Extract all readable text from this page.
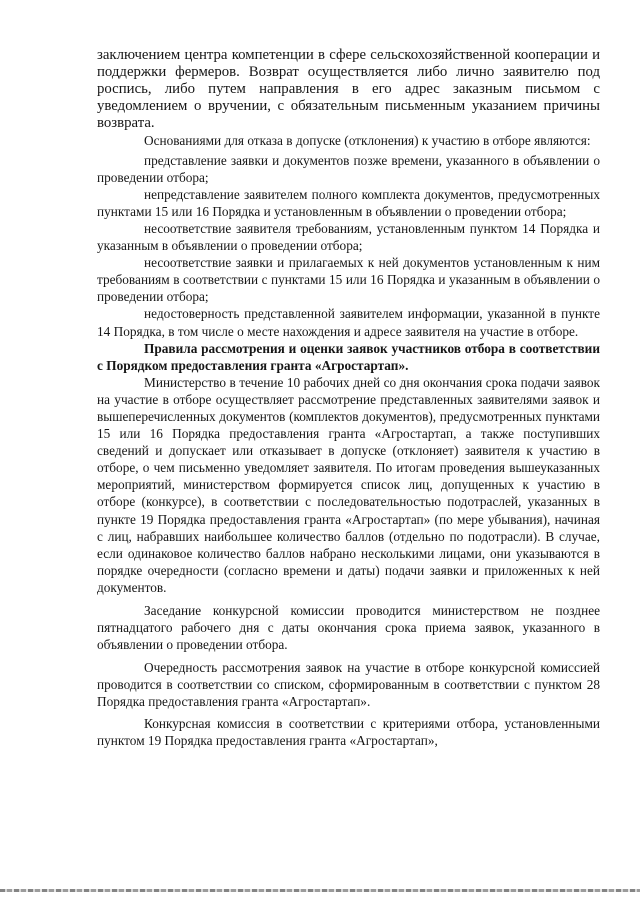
заключением центра компетенции в сфере сельскохозяйственной кооперации и поддержки фермеров. Возврат осуществляется либо лично заявителю под роспись, либо путем направления в его адрес заказным письмом с уведомлением о вручении, с обязательным письменным указанием причины возврата.

Основаниями для отказа в допуске (отклонения) к участию в отборе являются:

представление заявки и документов позже времени, указанного в объявлении о проведении отбора;

непредставление заявителем полного комплекта документов, предусмотренных пунктами 15 или 16 Порядка и установленным в объявлении о проведении отбора;

несоответствие заявителя требованиям, установленным пунктом 14 Порядка и указанным в объявлении о проведении отбора;

несоответствие заявки и прилагаемых к ней документов установленным к ним требованиям в соответствии с пунктами 15 или 16 Порядка и указанным в объявлении о проведении отбора;

недостоверность представленной заявителем информации, указанной в пункте 14 Порядка, в том числе о месте нахождения и адресе заявителя на участие в отборе.

Правила рассмотрения и оценки заявок участников отбора в соответствии с Порядком предоставления гранта «Агростартап».

Министерство в течение 10 рабочих дней со дня окончания срока подачи заявок на участие в отборе осуществляет рассмотрение представленных заявителями заявок и вышеперечисленных документов (комплектов документов), предусмотренных пунктами 15 или 16 Порядка предоставления гранта «Агростартап, а также поступивших сведений и допускает или отказывает в допуске (отклоняет) заявителя к участию в отборе, о чем письменно уведомляет заявителя. По итогам проведения вышеуказанных мероприятий, министерством формируется список лиц, допущенных к участию в отборе (конкурсе), в соответствии с последовательностью подотраслей, указанных в пункте 19 Порядка предоставления гранта «Агростартап» (по мере убывания), начиная с лиц, набравших наибольшее количество баллов (отдельно по подотрасли). В случае, если одинаковое количество баллов набрано несколькими лицами, они указываются в порядке очередности (согласно времени и даты) подачи заявки и приложенных к ней документов.

Заседание конкурсной комиссии проводится министерством не позднее пятнадцатого рабочего дня с даты окончания срока приема заявок, указанного в объявлении о проведении отбора.

Очередность рассмотрения заявок на участие в отборе конкурсной комиссией проводится в соответствии со списком, сформированным в соответствии с пунктом 28 Порядка предоставления гранта «Агростартап».

Конкурсная комиссия в соответствии с критериями отбора, установленными пунктом 19 Порядка предоставления гранта «Агростартап»,
